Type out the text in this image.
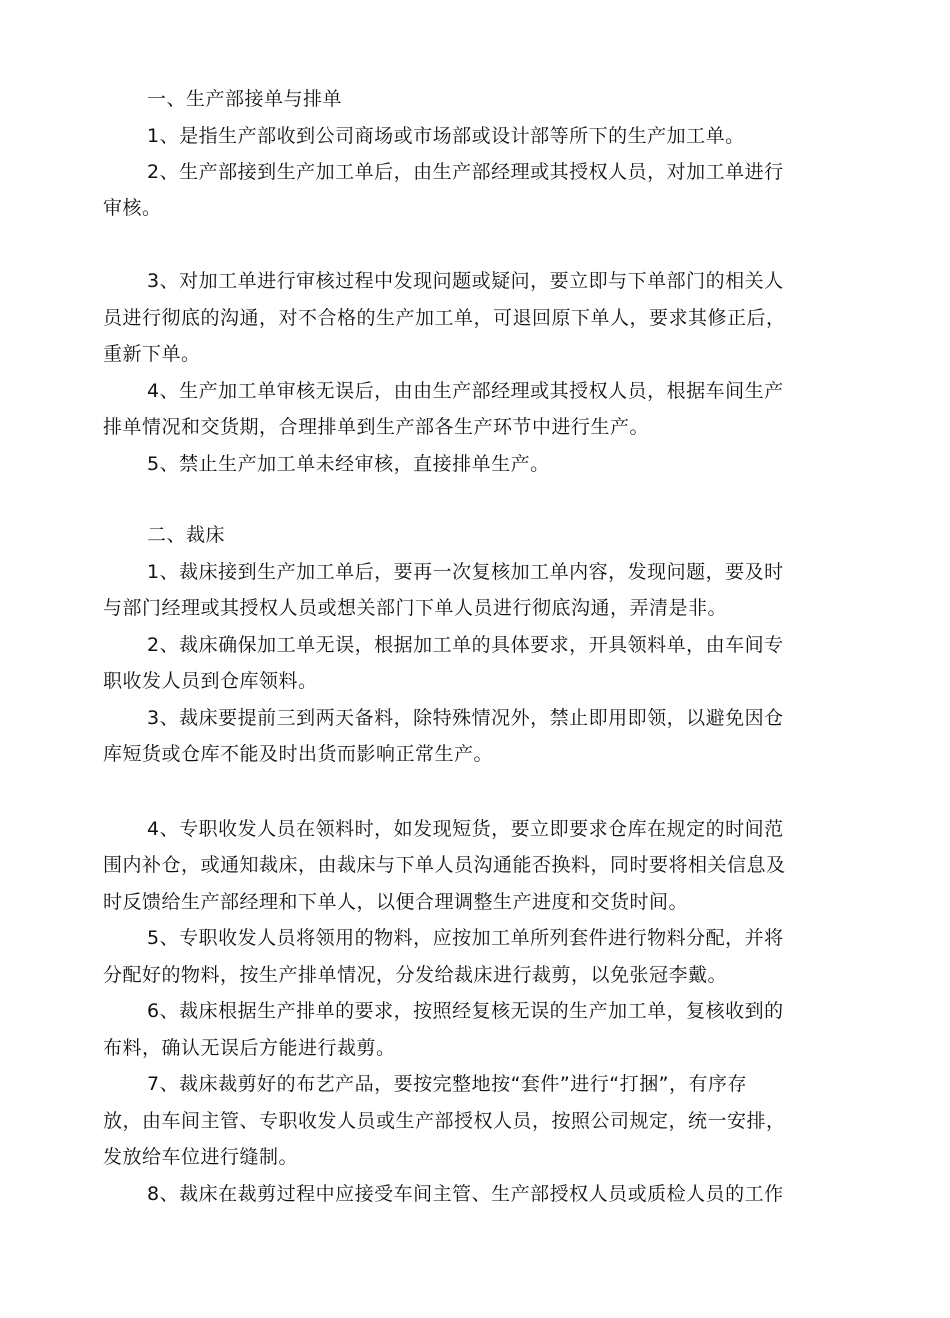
一、生产部接单与排单
1、是指生产部收到公司商场或市场部或设计部等所下的生产加工单。
2、生产部接到生产加工单后，由生产部经理或其授权人员，对加工单进行
审核。
3、对加工单进行审核过程中发现问题或疑问，要立即与下单部门的相关人
员进行彻底的沟通，对不合格的生产加工单，可退回原下单人，要求其修正后，
重新下单。
4、生产加工单审核无误后，由由生产部经理或其授权人员，根据车间生产
排单情况和交货期，合理排单到生产部各生产环节中进行生产。
5、禁止生产加工单未经审核，直接排单生产。
二、裁床
1、裁床接到生产加工单后，要再一次复核加工单内容，发现问题，要及时
与部门经理或其授权人员或想关部门下单人员进行彻底沟通，弄清是非。
2、裁床确保加工单无误，根据加工单的具体要求，开具领料单，由车间专
职收发人员到仓库领料。
3、裁床要提前三到两天备料，除特殊情况外，禁止即用即领，以避免因仓
库短货或仓库不能及时出货而影响正常生产。
4、专职收发人员在领料时，如发现短货，要立即要求仓库在规定的时间范
围内补仓，或通知裁床，由裁床与下单人员沟通能否换料，同时要将相关信息及
时反馈给生产部经理和下单人，以便合理调整生产进度和交货时间。
5、专职收发人员将领用的物料，应按加工单所列套件进行物料分配，并将
分配好的物料，按生产排单情况，分发给裁床进行裁剪，以免张冠李戴。
6、裁床根据生产排单的要求，按照经复核无误的生产加工单，复核收到的
布料，确认无误后方能进行裁剪。
7、裁床裁剪好的布艺产品，要按完整地按“套件”进行“打捆”，有序存
放，由车间主管、专职收发人员或生产部授权人员，按照公司规定，统一安排，
发放给车位进行缝制。
8、裁床在裁剪过程中应接受车间主管、生产部授权人员或质检人员的工作
